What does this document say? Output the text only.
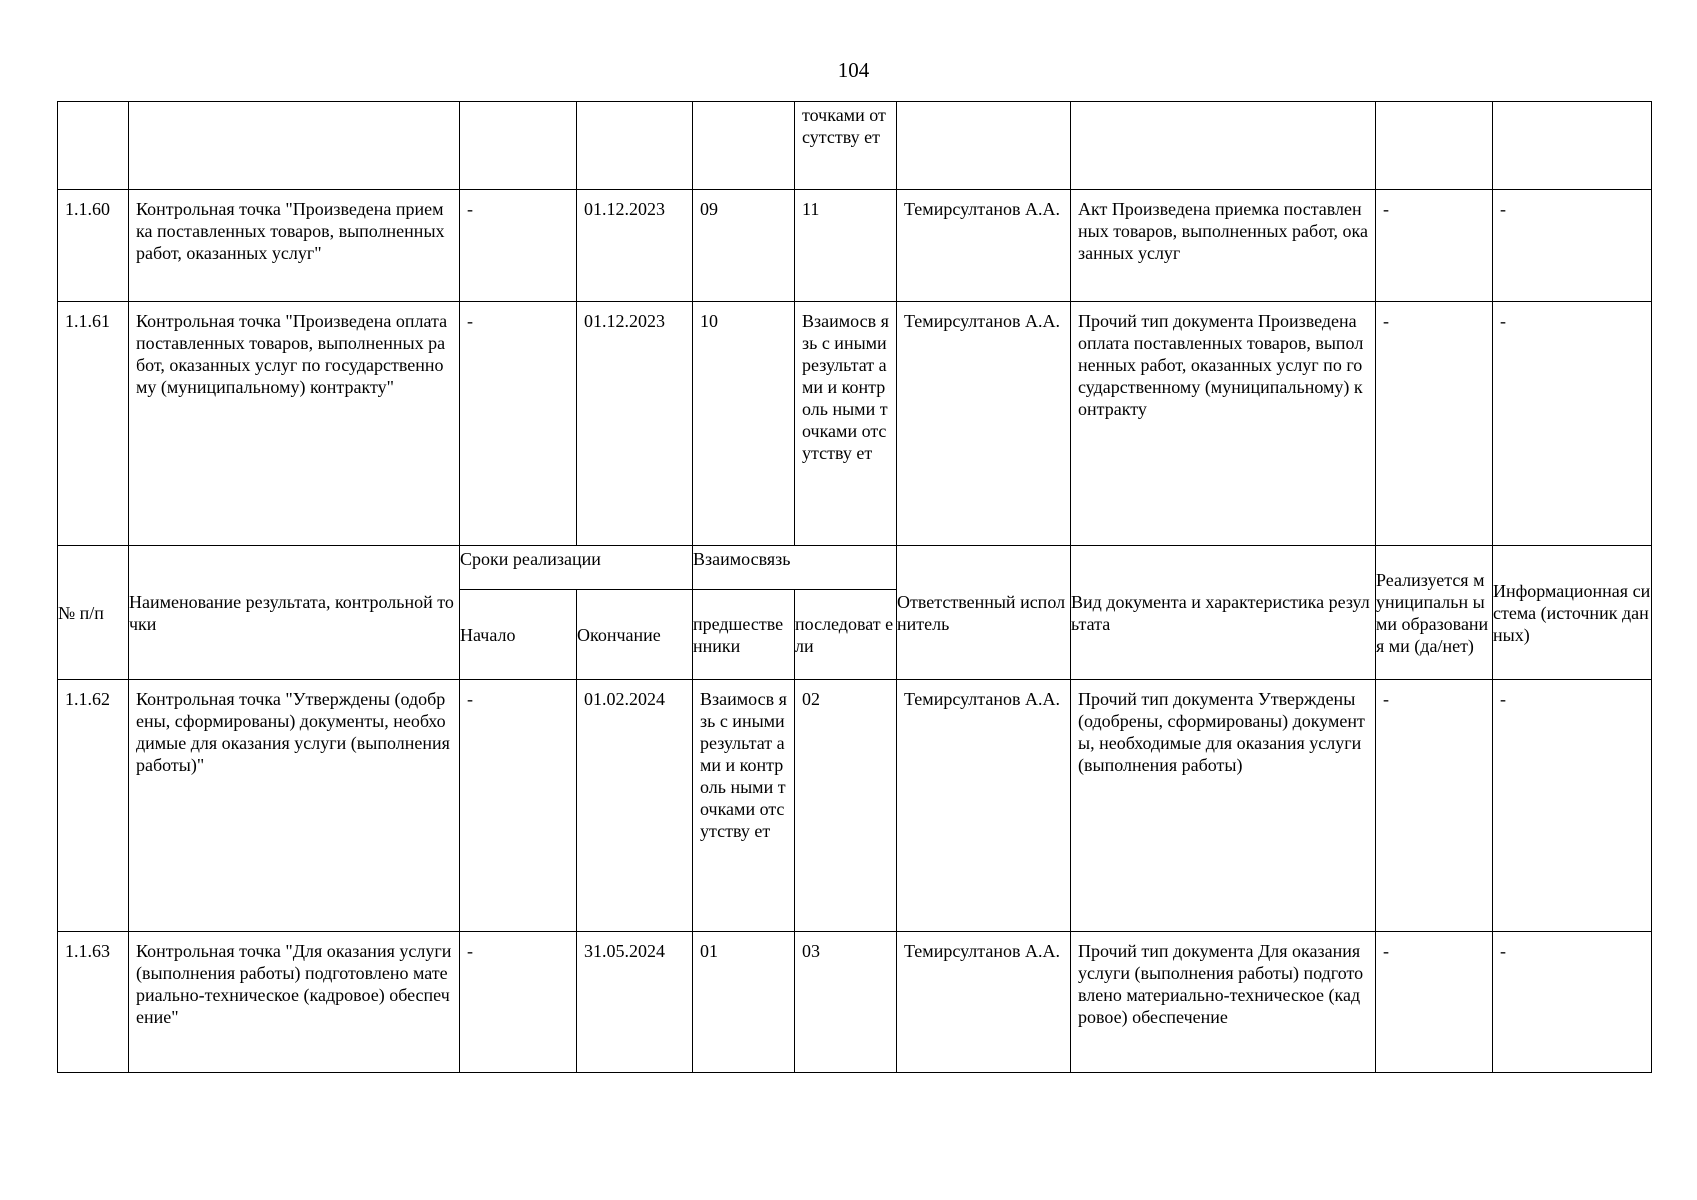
104
					точками отсутству ет				
1.1.60	Контрольная точка "Произведена приемка поставленных товаров, выполненных работ, оказанных услуг"	-	01.12.2023	09	11	Темирсултанов А.А.	Акт Произведена приемка поставленных товаров, выполненных работ, оказанных услуг	-	-
1.1.61	Контрольная точка "Произведена оплата поставленных товаров, выполненных работ, оказанных услуг по государственному (муниципальному) контракту"	-	01.12.2023	10	Взаимосв язь с иными результат ами и контроль ными точками отсутству ет	Темирсултанов А.А.	Прочий тип документа Произведена оплата поставленных товаров, выполненных работ, оказанных услуг по государственному (муниципальному) контракту	-	-
№ п/п	Наименование результата, контрольной точки	Сроки реализации		Взаимосвязь		Ответственный исполнитель	Вид документа и характеристика результата	Реализуется муниципальн ыми образования ми (да/нет)	Информационная система (источник данных)
		Начало	Окончание	предшестве нники	последоват ели				
1.1.62	Контрольная точка "Утверждены (одобрены, сформированы) документы, необходимые для оказания услуги (выполнения работы)"	-	01.02.2024	Взаимосв язь с иными результат ами и контроль ными точками отсутству ет	02	Темирсултанов А.А.	Прочий тип документа Утверждены (одобрены, сформированы) документы, необходимые для оказания услуги (выполнения работы)	-	-
1.1.63	Контрольная точка "Для оказания услуги (выполнения работы) подготовлено материально-техническое (кадровое) обеспечение"	-	31.05.2024	01	03	Темирсултанов А.А.	Прочий тип документа Для оказания услуги (выполнения работы) подготовлено материально-техническое (кадровое) обеспечение	-	-
